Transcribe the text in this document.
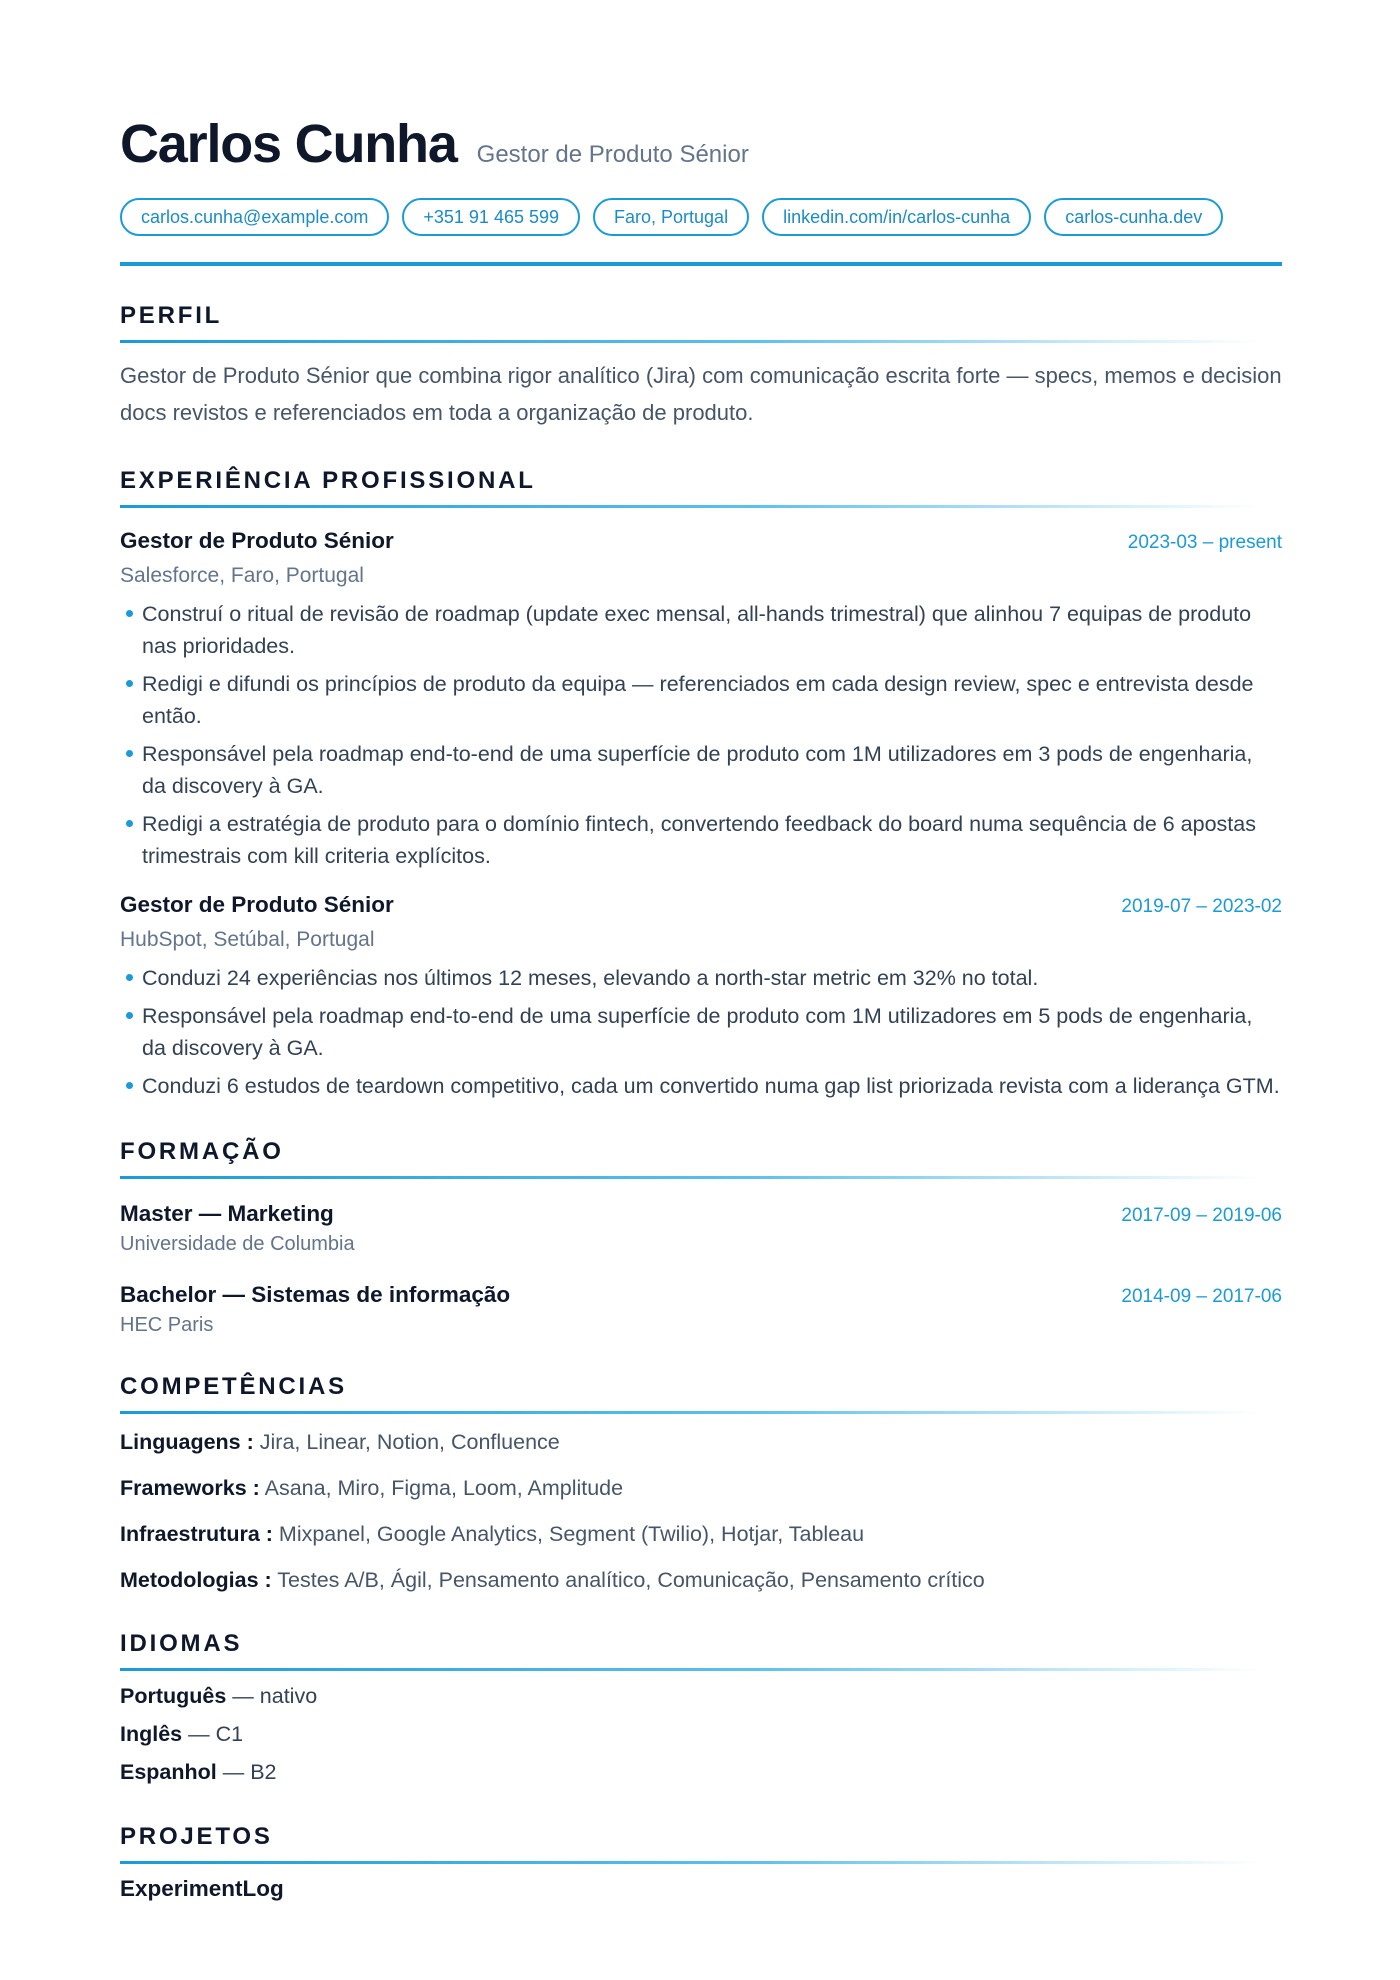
Carlos Cunha Gestor de Produto Sénior
carlos.cunha@example.com	+351 91 465 599	Faro, Portugal	linkedin.com/in/carlos-cunha	carlos-cunha.dev
PERFIL
Gestor de Produto Sénior que combina rigor analítico (Jira) com comunicação escrita forte — specs, memos e decision docs revistos e referenciados em toda a organização de produto.
EXPERIÊNCIA PROFISSIONAL
Gestor de Produto Sénior	2023-03 – present
Salesforce, Faro, Portugal
Construí o ritual de revisão de roadmap (update exec mensal, all-hands trimestral) que alinhou 7 equipas de produto nas prioridades.
Redigi e difundi os princípios de produto da equipa — referenciados em cada design review, spec e entrevista desde então.
Responsável pela roadmap end-to-end de uma superfície de produto com 1M utilizadores em 3 pods de engenharia, da discovery à GA.
Redigi a estratégia de produto para o domínio fintech, convertendo feedback do board numa sequência de 6 apostas trimestrais com kill criteria explícitos.
Gestor de Produto Sénior	2019-07 – 2023-02
HubSpot, Setúbal, Portugal
Conduzi 24 experiências nos últimos 12 meses, elevando a north-star metric em 32% no total.
Responsável pela roadmap end-to-end de uma superfície de produto com 1M utilizadores em 5 pods de engenharia, da discovery à GA.
Conduzi 6 estudos de teardown competitivo, cada um convertido numa gap list priorizada revista com a liderança GTM.
FORMAÇÃO
Master — Marketing	2017-09 – 2019-06
Universidade de Columbia
Bachelor — Sistemas de informação	2014-09 – 2017-06
HEC Paris
COMPETÊNCIAS
Linguagens : Jira, Linear, Notion, Confluence
Frameworks : Asana, Miro, Figma, Loom, Amplitude
Infraestrutura : Mixpanel, Google Analytics, Segment (Twilio), Hotjar, Tableau
Metodologias : Testes A/B, Ágil, Pensamento analítico, Comunicação, Pensamento crítico
IDIOMAS
Português — nativo
Inglês — C1
Espanhol — B2
PROJETOS
ExperimentLog
